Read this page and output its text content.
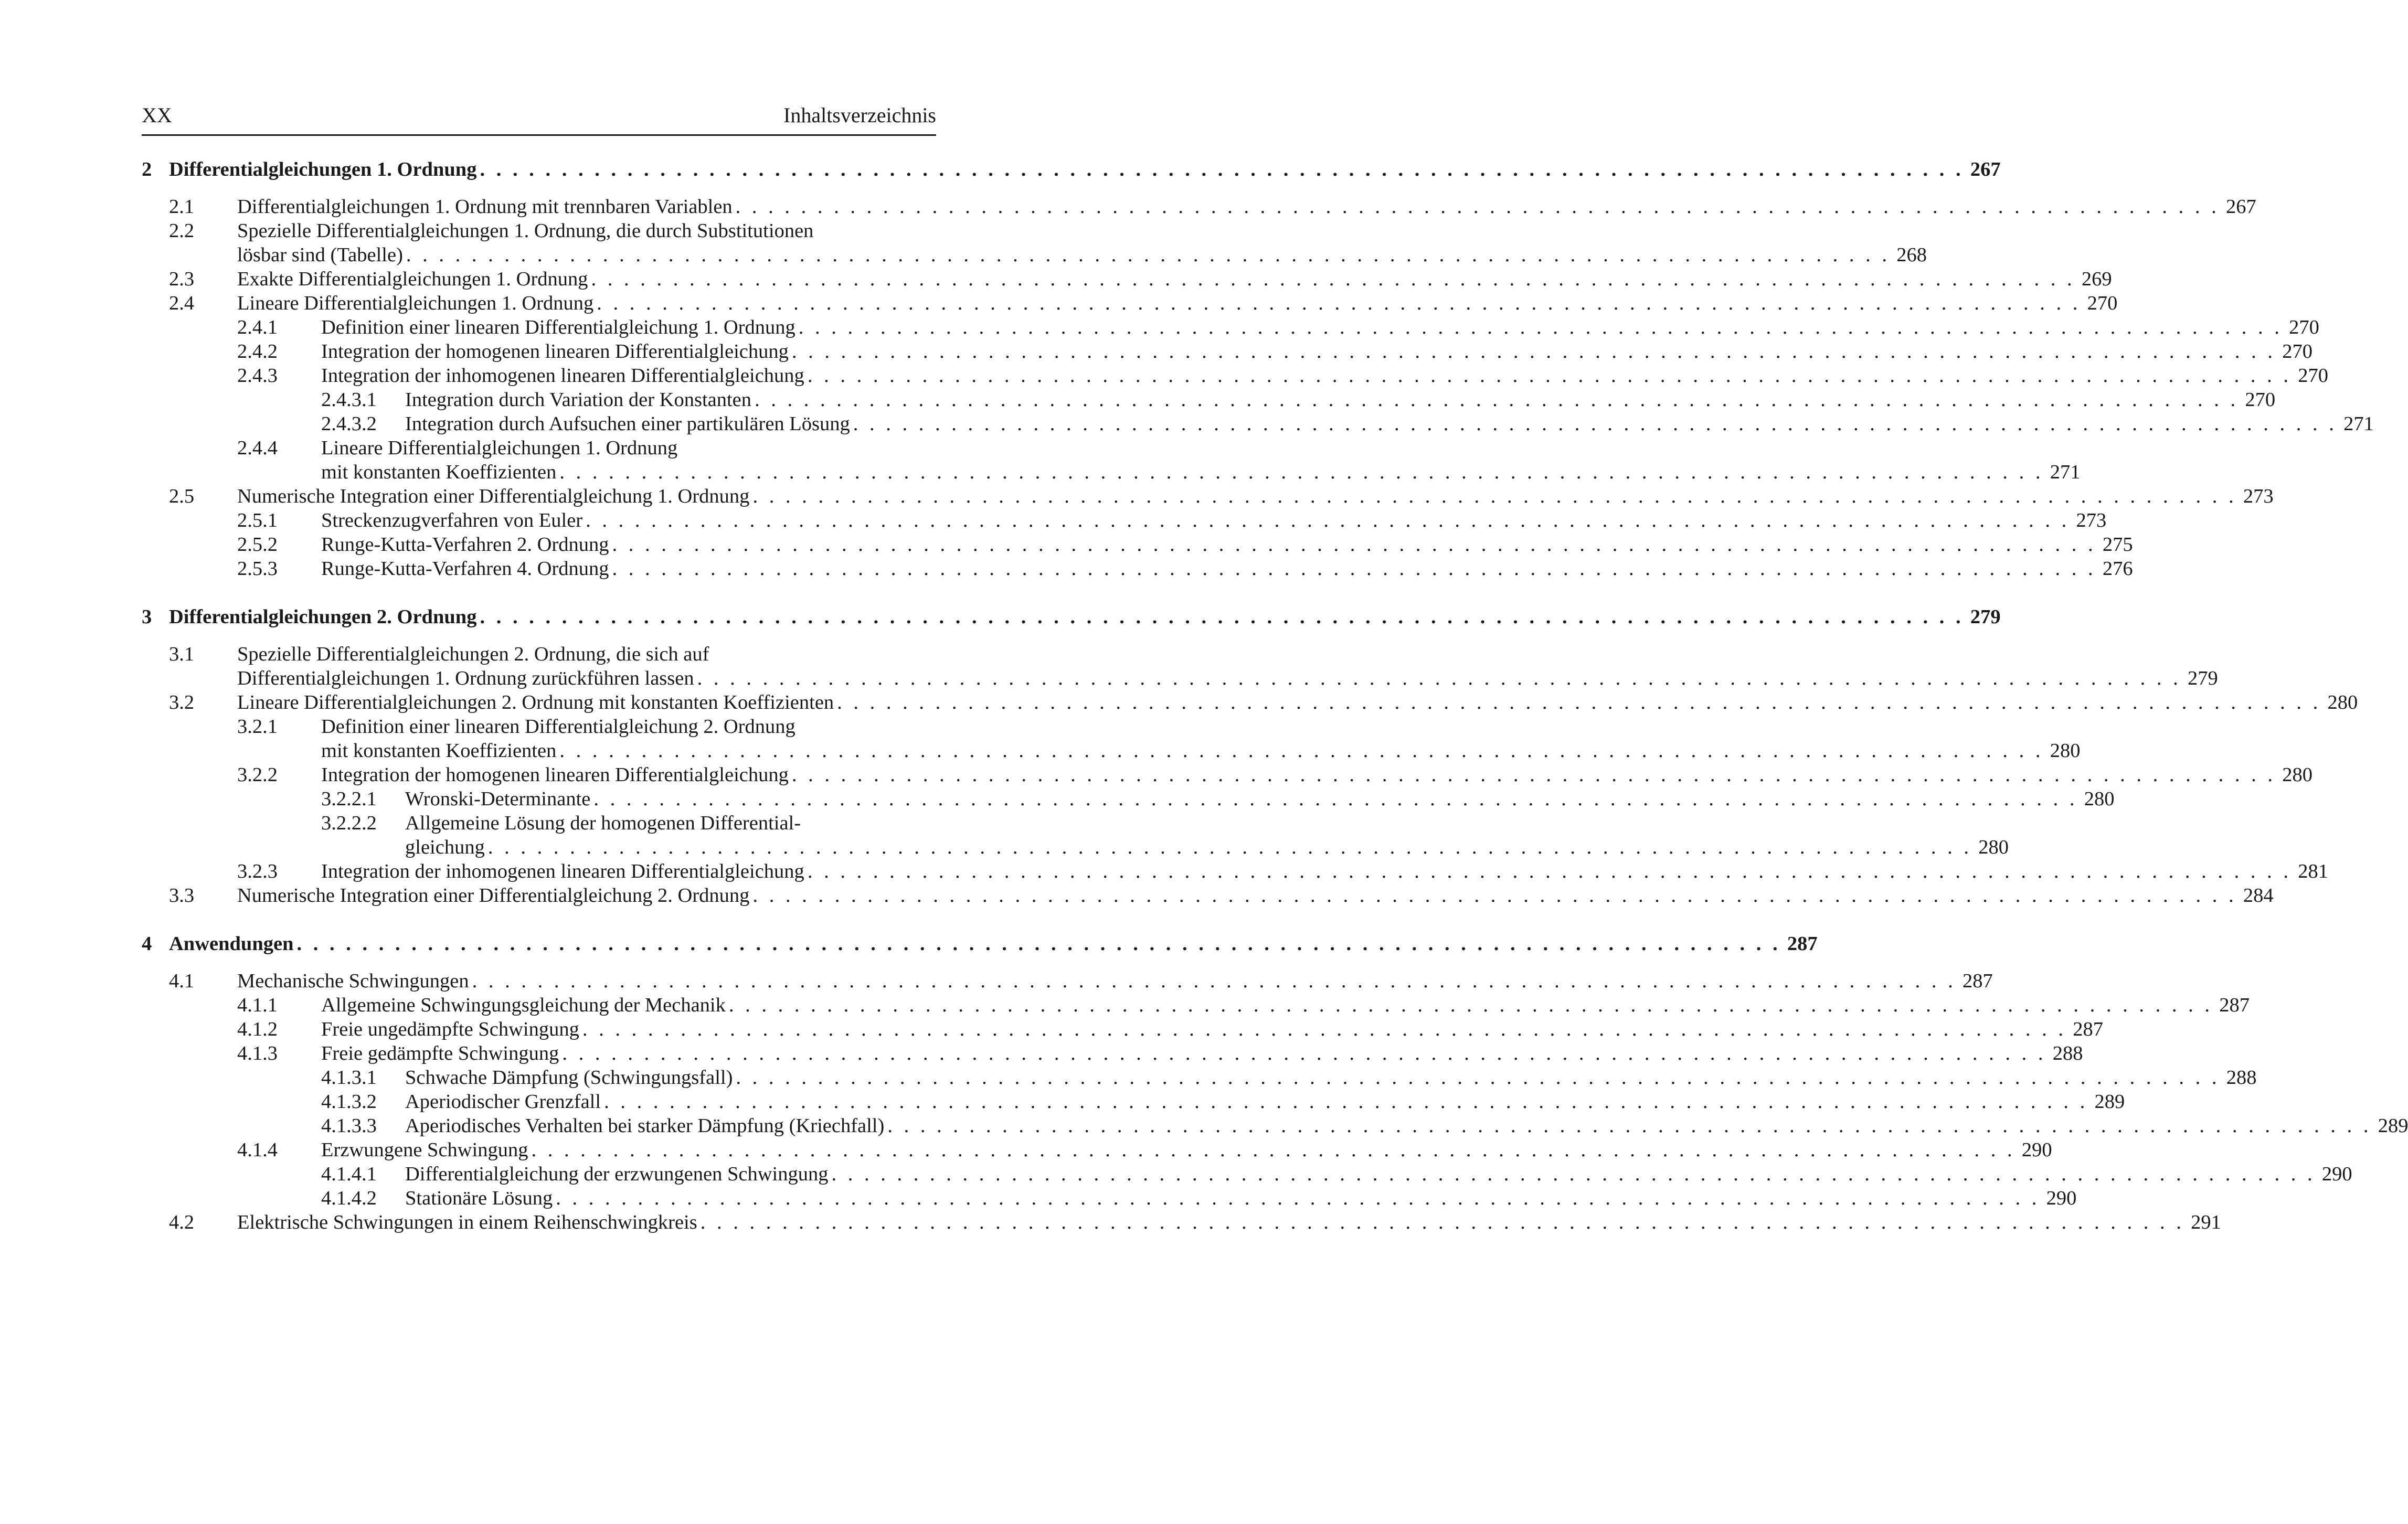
XX	Inhaltsverzeichnis
2 Differentialgleichungen 1. Ordnung . . . . . . . . . . . . . . . . . . . . . . . . . . . . . . . . . . . . . . . . . . . . . . . . . . . . . . . . . . . . . . . . . . . . . . . . . . . . . . . . . . . . . . . . . . . 267
2.1 Differentialgleichungen 1. Ordnung mit trennbaren Variablen . . . . . . . . . . . . . . . . . . . . . . . . . . . . . . . . . . . . . . . . . . . . . . . . . . . . . . . . . . . . . . . . . . . . . . . . . . . . . . . . . . . . . . . . . . . 267
2.2 Spezielle Differentialgleichungen 1. Ordnung, die durch Substitutionen
lösbar sind (Tabelle) . . . . . . . . . . . . . . . . . . . . . . . . . . . . . . . . . . . . . . . . . . . . . . . . . . . . . . . . . . . . . . . . . . . . . . . . . . . . . . . . . . . . . . . . . . . 268
2.3 Exakte Differentialgleichungen 1. Ordnung . . . . . . . . . . . . . . . . . . . . . . . . . . . . . . . . . . . . . . . . . . . . . . . . . . . . . . . . . . . . . . . . . . . . . . . . . . . . . . . . . . . . . . . . . . . 269
2.4 Lineare Differentialgleichungen 1. Ordnung . . . . . . . . . . . . . . . . . . . . . . . . . . . . . . . . . . . . . . . . . . . . . . . . . . . . . . . . . . . . . . . . . . . . . . . . . . . . . . . . . . . . . . . . . . . 270
2.4.1 Definition einer linearen Differentialgleichung 1. Ordnung . . . . . . . . . . . . . . . . . . . . . . . . . . . . . . . . . . . . . . . . . . . . . . . . . . . . . . . . . . . . . . . . . . . . . . . . . . . . . . . . . . . . . . . . . . . 270
2.4.2 Integration der homogenen linearen Differentialgleichung . . . . . . . . . . . . . . . . . . . . . . . . . . . . . . . . . . . . . . . . . . . . . . . . . . . . . . . . . . . . . . . . . . . . . . . . . . . . . . . . . . . . . . . . . . . 270
2.4.3 Integration der inhomogenen linearen Differentialgleichung . . . . . . . . . . . . . . . . . . . . . . . . . . . . . . . . . . . . . . . . . . . . . . . . . . . . . . . . . . . . . . . . . . . . . . . . . . . . . . . . . . . . . . . . . . . 270
2.4.3.1 Integration durch Variation der Konstanten . . . . . . . . . . . . . . . . . . . . . . . . . . . . . . . . . . . . . . . . . . . . . . . . . . . . . . . . . . . . . . . . . . . . . . . . . . . . . . . . . . . . . . . . . . . 270
2.4.3.2 Integration durch Aufsuchen einer partikulären Lösung . . . . . . . . . . . . . . . . . . . . . . . . . . . . . . . . . . . . . . . . . . . . . . . . . . . . . . . . . . . . . . . . . . . . . . . . . . . . . . . . . . . . . . . . . . . 271
2.4.4 Lineare Differentialgleichungen 1. Ordnung
mit konstanten Koeffizienten . . . . . . . . . . . . . . . . . . . . . . . . . . . . . . . . . . . . . . . . . . . . . . . . . . . . . . . . . . . . . . . . . . . . . . . . . . . . . . . . . . . . . . . . . . . 271
2.5 Numerische Integration einer Differentialgleichung 1. Ordnung . . . . . . . . . . . . . . . . . . . . . . . . . . . . . . . . . . . . . . . . . . . . . . . . . . . . . . . . . . . . . . . . . . . . . . . . . . . . . . . . . . . . . . . . . . . 273
2.5.1 Streckenzugverfahren von Euler . . . . . . . . . . . . . . . . . . . . . . . . . . . . . . . . . . . . . . . . . . . . . . . . . . . . . . . . . . . . . . . . . . . . . . . . . . . . . . . . . . . . . . . . . . . 273
2.5.2 Runge-Kutta-Verfahren 2. Ordnung . . . . . . . . . . . . . . . . . . . . . . . . . . . . . . . . . . . . . . . . . . . . . . . . . . . . . . . . . . . . . . . . . . . . . . . . . . . . . . . . . . . . . . . . . . . 275
2.5.3 Runge-Kutta-Verfahren 4. Ordnung . . . . . . . . . . . . . . . . . . . . . . . . . . . . . . . . . . . . . . . . . . . . . . . . . . . . . . . . . . . . . . . . . . . . . . . . . . . . . . . . . . . . . . . . . . . 276
3 Differentialgleichungen 2. Ordnung . . . . . . . . . . . . . . . . . . . . . . . . . . . . . . . . . . . . . . . . . . . . . . . . . . . . . . . . . . . . . . . . . . . . . . . . . . . . . . . . . . . . . . . . . . . 279
3.1 Spezielle Differentialgleichungen 2. Ordnung, die sich auf
Differentialgleichungen 1. Ordnung zurückführen lassen . . . . . . . . . . . . . . . . . . . . . . . . . . . . . . . . . . . . . . . . . . . . . . . . . . . . . . . . . . . . . . . . . . . . . . . . . . . . . . . . . . . . . . . . . . . 279
3.2 Lineare Differentialgleichungen 2. Ordnung mit konstanten Koeffizienten . . . . . . . . . . . . . . . . . . . . . . . . . . . . . . . . . . . . . . . . . . . . . . . . . . . . . . . . . . . . . . . . . . . . . . . . . . . . . . . . . . . . . . . . . . . 280
3.2.1 Definition einer linearen Differentialgleichung 2. Ordnung
mit konstanten Koeffizienten . . . . . . . . . . . . . . . . . . . . . . . . . . . . . . . . . . . . . . . . . . . . . . . . . . . . . . . . . . . . . . . . . . . . . . . . . . . . . . . . . . . . . . . . . . . 280
3.2.2 Integration der homogenen linearen Differentialgleichung . . . . . . . . . . . . . . . . . . . . . . . . . . . . . . . . . . . . . . . . . . . . . . . . . . . . . . . . . . . . . . . . . . . . . . . . . . . . . . . . . . . . . . . . . . . 280
3.2.2.1 Wronski-Determinante . . . . . . . . . . . . . . . . . . . . . . . . . . . . . . . . . . . . . . . . . . . . . . . . . . . . . . . . . . . . . . . . . . . . . . . . . . . . . . . . . . . . . . . . . . . 280
3.2.2.2 Allgemeine Lösung der homogenen Differential-
gleichung . . . . . . . . . . . . . . . . . . . . . . . . . . . . . . . . . . . . . . . . . . . . . . . . . . . . . . . . . . . . . . . . . . . . . . . . . . . . . . . . . . . . . . . . . . . 280
3.2.3 Integration der inhomogenen linearen Differentialgleichung . . . . . . . . . . . . . . . . . . . . . . . . . . . . . . . . . . . . . . . . . . . . . . . . . . . . . . . . . . . . . . . . . . . . . . . . . . . . . . . . . . . . . . . . . . . 281
3.3 Numerische Integration einer Differentialgleichung 2. Ordnung . . . . . . . . . . . . . . . . . . . . . . . . . . . . . . . . . . . . . . . . . . . . . . . . . . . . . . . . . . . . . . . . . . . . . . . . . . . . . . . . . . . . . . . . . . . 284
4 Anwendungen . . . . . . . . . . . . . . . . . . . . . . . . . . . . . . . . . . . . . . . . . . . . . . . . . . . . . . . . . . . . . . . . . . . . . . . . . . . . . . . . . . . . . . . . . . . 287
4.1 Mechanische Schwingungen . . . . . . . . . . . . . . . . . . . . . . . . . . . . . . . . . . . . . . . . . . . . . . . . . . . . . . . . . . . . . . . . . . . . . . . . . . . . . . . . . . . . . . . . . . . 287
4.1.1 Allgemeine Schwingungsgleichung der Mechanik . . . . . . . . . . . . . . . . . . . . . . . . . . . . . . . . . . . . . . . . . . . . . . . . . . . . . . . . . . . . . . . . . . . . . . . . . . . . . . . . . . . . . . . . . . . 287
4.1.2 Freie ungedämpfte Schwingung . . . . . . . . . . . . . . . . . . . . . . . . . . . . . . . . . . . . . . . . . . . . . . . . . . . . . . . . . . . . . . . . . . . . . . . . . . . . . . . . . . . . . . . . . . . 287
4.1.3 Freie gedämpfte Schwingung . . . . . . . . . . . . . . . . . . . . . . . . . . . . . . . . . . . . . . . . . . . . . . . . . . . . . . . . . . . . . . . . . . . . . . . . . . . . . . . . . . . . . . . . . . . 288
4.1.3.1 Schwache Dämpfung (Schwingungsfall) . . . . . . . . . . . . . . . . . . . . . . . . . . . . . . . . . . . . . . . . . . . . . . . . . . . . . . . . . . . . . . . . . . . . . . . . . . . . . . . . . . . . . . . . . . . 288
4.1.3.2 Aperiodischer Grenzfall . . . . . . . . . . . . . . . . . . . . . . . . . . . . . . . . . . . . . . . . . . . . . . . . . . . . . . . . . . . . . . . . . . . . . . . . . . . . . . . . . . . . . . . . . . . 289
4.1.3.3 Aperiodisches Verhalten bei starker Dämpfung (Kriechfall) . . . . . . . . . . . . . . . . . . . . . . . . . . . . . . . . . . . . . . . . . . . . . . . . . . . . . . . . . . . . . . . . . . . . . . . . . . . . . . . . . . . . . . . . . . . 289
4.1.4 Erzwungene Schwingung . . . . . . . . . . . . . . . . . . . . . . . . . . . . . . . . . . . . . . . . . . . . . . . . . . . . . . . . . . . . . . . . . . . . . . . . . . . . . . . . . . . . . . . . . . . 290
4.1.4.1 Differentialgleichung der erzwungenen Schwingung . . . . . . . . . . . . . . . . . . . . . . . . . . . . . . . . . . . . . . . . . . . . . . . . . . . . . . . . . . . . . . . . . . . . . . . . . . . . . . . . . . . . . . . . . . . 290
4.1.4.2 Stationäre Lösung . . . . . . . . . . . . . . . . . . . . . . . . . . . . . . . . . . . . . . . . . . . . . . . . . . . . . . . . . . . . . . . . . . . . . . . . . . . . . . . . . . . . . . . . . . . 290
4.2 Elektrische Schwingungen in einem Reihenschwingkreis . . . . . . . . . . . . . . . . . . . . . . . . . . . . . . . . . . . . . . . . . . . . . . . . . . . . . . . . . . . . . . . . . . . . . . . . . . . . . . . . . . . . . . . . . . . 291
